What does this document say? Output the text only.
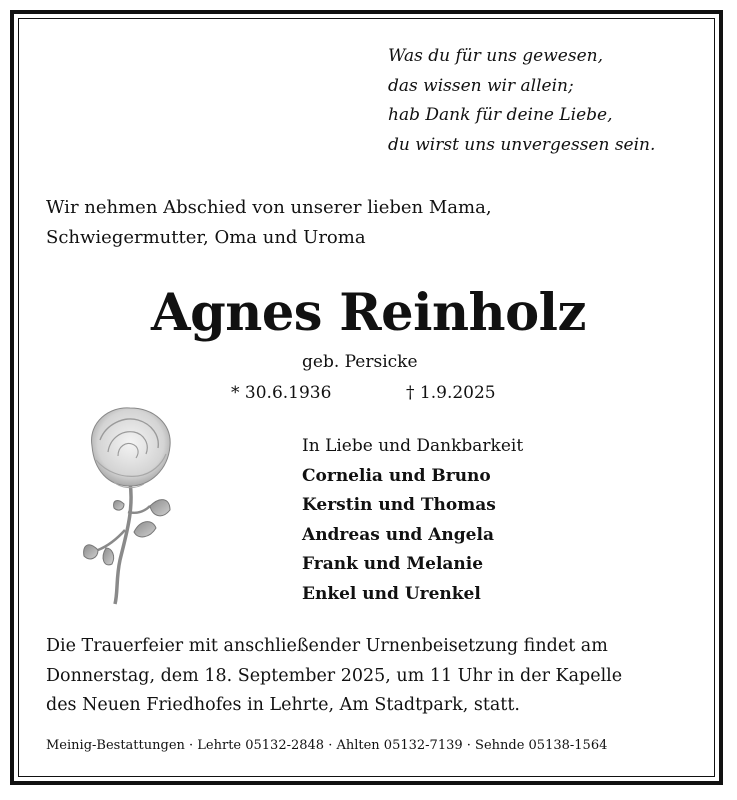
Was du für uns gewesen,
das wissen wir allein;
hab Dank für deine Liebe,
du wirst uns unvergessen sein.
Wir nehmen Abschied von unserer lieben Mama,
Schwiegermutter, Oma und Uroma
Agnes Reinholz
geb. Persicke
* 30.6.1936	† 1.9.2025
In Liebe und Dankbarkeit
Cornelia und Bruno
Kerstin und Thomas
Andreas und Angela
Frank und Melanie
Enkel und Urenkel
Die Trauerfeier mit anschließender Urnenbeisetzung findet am
Donnerstag, dem 18. September 2025, um 11 Uhr in der Kapelle
des Neuen Friedhofes in Lehrte, Am Stadtpark, statt.
Meinig-Bestattungen · Lehrte 05132-2848 · Ahlten 05132-7139 · Sehnde 05138-1564
